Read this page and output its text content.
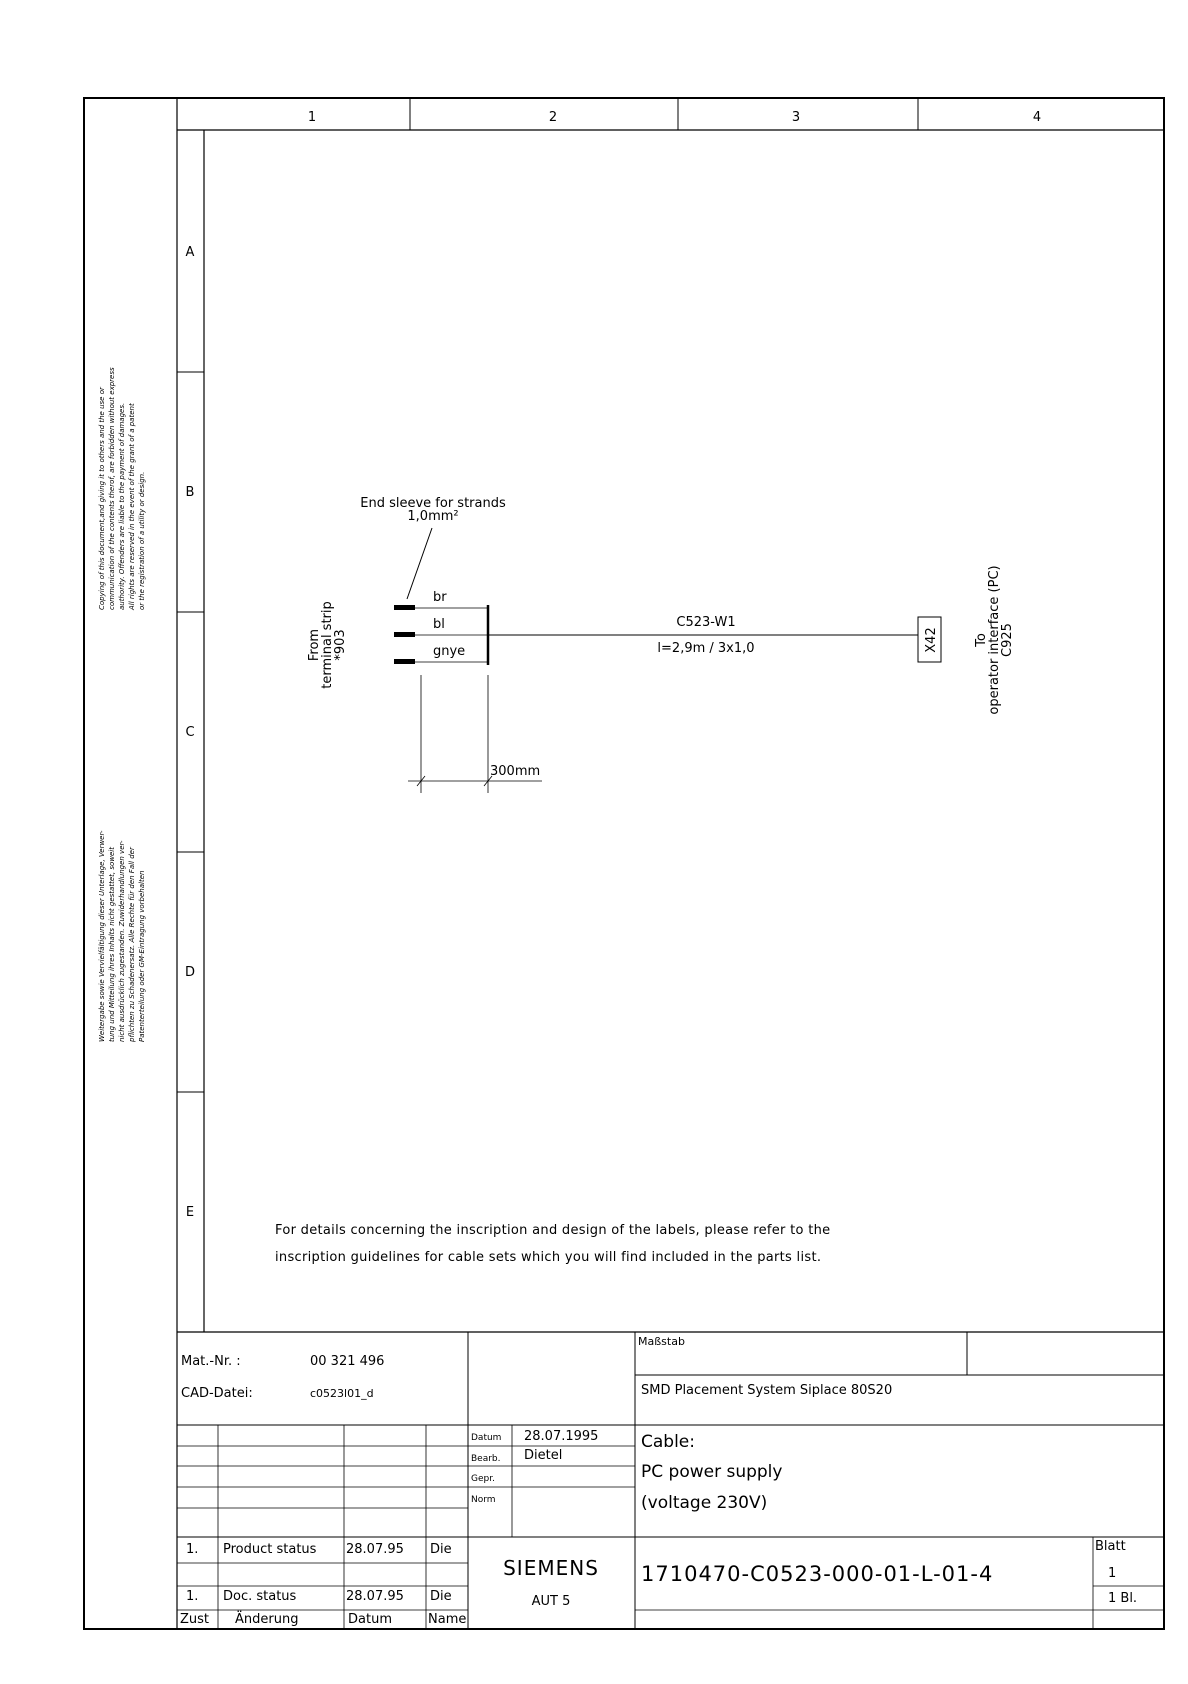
1	2	3	4
A
B
C
D
E
Copying of this document,and giving it to others and the use or communication of the contents therof, are forbidden without express authority. Offenders are liable to the payment of damages. All rights are reserved in the event of the grant of a patent or the registration of a utility or design.
Weitergabe sowie Vervielfältigung dieser Unterlage, Verwer- tung und Mitteilung ihres Inhalts nicht gestattet, soweit nicht ausdrücklich zugestanden. Zuwiderhandlungen ver- pflichten zu Schadenersatz. Alle Rechte für den Fall der Patenterteilung oder GM-Eintragung vorbehalten
From
terminal strip
*903
End sleeve for strands
1,0mm²
br
bl
gnye
C523-W1
l=2,9m / 3x1,0	X42	To
operator interface (PC)
C925
300mm
For details concerning the inscription and design of the labels, please refer to the
inscription guidelines for cable sets which you will find included in the parts list.
Mat.-Nr. :	00 321 496
CAD-Datei:	c0523l01_d
Maßstab
SMD Placement System Siplace 80S20
Datum 28.07.1995
Bearb. Dietel
Gepr.
Norm
Cable:
PC power supply
(voltage 230V)
1. Product status 28.07.95 Die
1. Doc. status	28.07.95 Die
Zust Änderung	Datum	Name
SIEMENS
AUT 5
1710470-C0523-000-01-L-01-4
Blatt
1
1 Bl.
